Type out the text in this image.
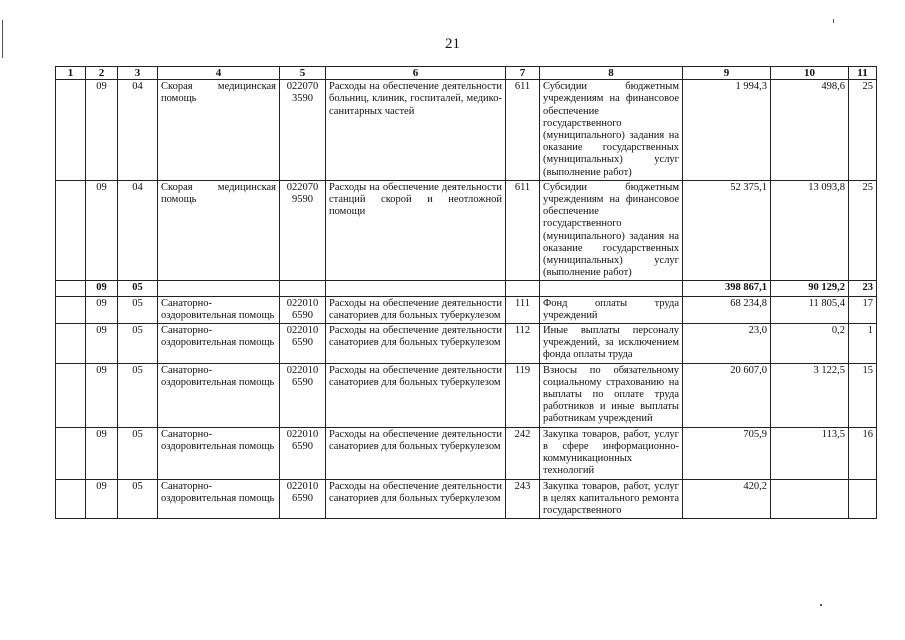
21
1	2	3	4	5	6	7	8	9	10	11
	09	04	Скорая медицинская помощь	022070 3590	Расходы на обеспечение деятельности больниц, клиник, госпиталей, медико-санитарных частей	611	Субсидии бюджетным учреждениям на финансовое обеспечение государственного (муниципального) задания на оказание государственных (муниципальных) услуг (выполнение работ)	1 994,3	498,6	25
	09	04	Скорая медицинская помощь	022070 9590	Расходы на обеспечение деятельности станций скорой и неотложной помощи	611	Субсидии бюджетным учреждениям на финансовое обеспечение государственного (муниципального) задания на оказание государственных (муниципальных) услуг (выполнение работ)	52 375,1	13 093,8	25
	09	05						398 867,1	90 129,2	23
	09	05	Санаторно-оздоровительная помощь	022010 6590	Расходы на обеспечение деятельности санаториев для больных туберкулезом	111	Фонд оплаты труда учреждений	68 234,8	11 805,4	17
	09	05	Санаторно-оздоровительная помощь	022010 6590	Расходы на обеспечение деятельности санаториев для больных туберкулезом	112	Иные выплаты персоналу учреждений, за исключением фонда оплаты труда	23,0	0,2	1
	09	05	Санаторно-оздоровительная помощь	022010 6590	Расходы на обеспечение деятельности санаториев для больных туберкулезом	119	Взносы по обязательному социальному страхованию на выплаты по оплате труда работников и иные выплаты работникам учреждений	20 607,0	3 122,5	15
	09	05	Санаторно-оздоровительная помощь	022010 6590	Расходы на обеспечение деятельности санаториев для больных туберкулезом	242	Закупка товаров, работ, услуг в сфере информационно-коммуникационных технологий	705,9	113,5	16
	09	05	Санаторно-оздоровительная помощь	022010 6590	Расходы на обеспечение деятельности санаториев для больных туберкулезом	243	Закупка товаров, работ, услуг в целях капитального ремонта государственного	420,2		
